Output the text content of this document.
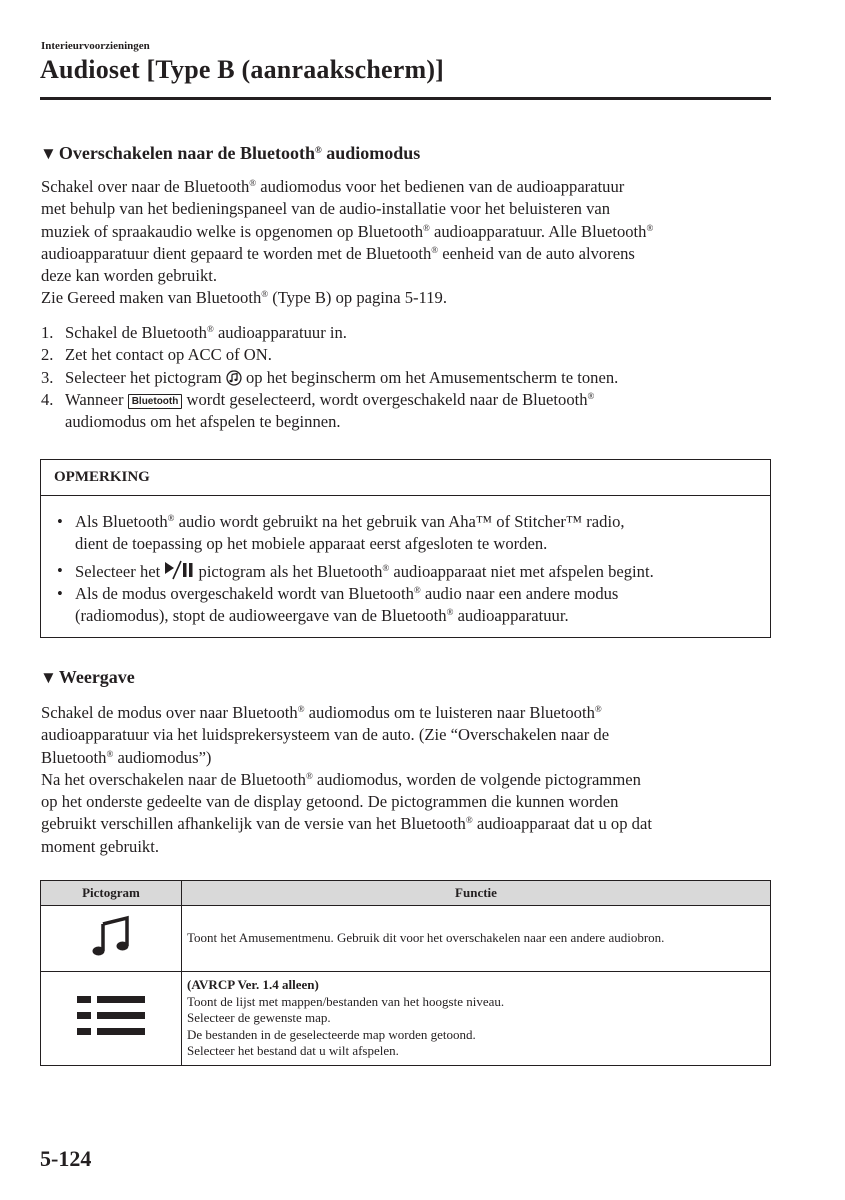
Interieurvoorzieningen
Audioset [Type B (aanraakscherm)]
▼ Overschakelen naar de Bluetooth® audiomodus

Schakel over naar de Bluetooth® audiomodus voor het bedienen van de audioapparatuur

met behulp van het bedieningspaneel van de audio-installatie voor het beluisteren van

muziek of spraakaudio welke is opgenomen op Bluetooth® audioapparatuur. Alle Bluetooth®

audioapparatuur dient gepaard te worden met de Bluetooth® eenheid van de auto alvorens

deze kan worden gebruikt.

Zie Gereed maken van Bluetooth® (Type B) op pagina 5-119.

1. Schakel de Bluetooth® audioapparatuur in.
2. Zet het contact op ACC of ON.
3. Selecteer het pictogram
op het beginscherm om het Amusementscherm te tonen.
4. Wanneer Bluetooth wordt geselecteerd, wordt overgeschakeld naar de Bluetooth®
audiomodus om het afspelen te beginnen.
OPMERKING
• Als Bluetooth® audio wordt gebruikt na het gebruik van Aha™ of Stitcher™ radio,
dient de toepassing op het mobiele apparaat eerst afgesloten te worden.
• Selecteer het
pictogram als het Bluetooth® audioapparaat niet met afspelen begint.
• Als de modus overgeschakeld wordt van Bluetooth® audio naar een andere modus
(radiomodus), stopt de audioweergave van de Bluetooth® audioapparatuur.
▼ Weergave

Schakel de modus over naar Bluetooth® audiomodus om te luisteren naar Bluetooth®

audioapparatuur via het luidsprekersysteem van de auto. (Zie “Overschakelen naar de

Bluetooth® audiomodus”)

Na het overschakelen naar de Bluetooth® audiomodus, worden de volgende pictogrammen

op het onderste gedeelte van de display getoond. De pictogrammen die kunnen worden

gebruikt verschillen afhankelijk van de versie van het Bluetooth® audioapparaat dat u op dat

moment gebruikt.

Pictogram	Functie
	Toont het Amusementmenu. Gebruik dit voor het overschakelen naar een andere audiobron.

(AVRCP Ver. 1.4 alleen)
Toont de lijst met mappen/bestanden van het hoogste niveau.
Selecteer de gewenste map.
De bestanden in de geselecteerde map worden getoond.
Selecteer het bestand dat u wilt afspelen.
5-124
